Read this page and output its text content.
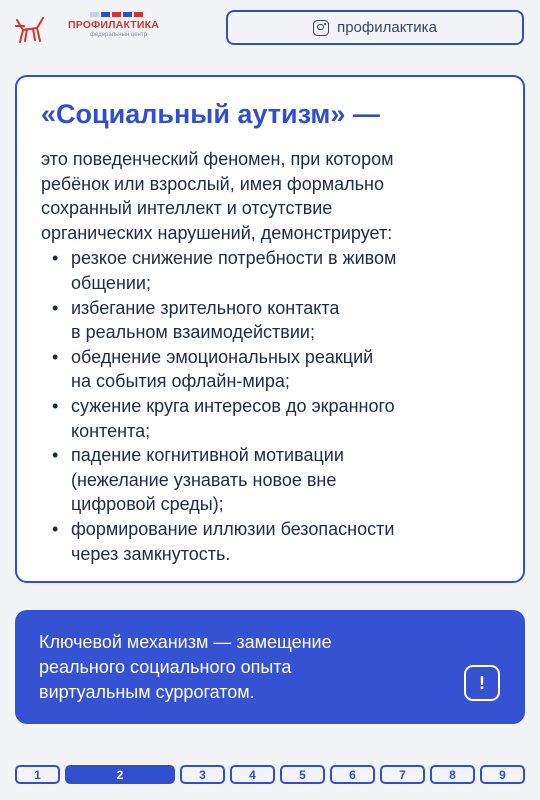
ПРОФИЛАКТИКА
федеральный центр	профилактика
«Социальный аутизм» —
это поведенческий феномен, при котором
ребёнок или взрослый, имея формально
сохранный интеллект и отсутствие
органических нарушений, демонстрирует:
• резкое снижение потребности в живом
общении;
• избегание зрительного контакта
в реальном взаимодействии;
• обеднение эмоциональных реакций
на события офлайн-мира;
• сужение круга интересов до экранного
контента;
• падение когнитивной мотивации
(нежелание узнавать новое вне
цифровой среды);
• формирование иллюзии безопасности
через замкнутость.
Ключевой механизм — замещение
реального социального опыта
виртуальным суррогатом.	!
1	2	3	4	5	6	7	8	9
